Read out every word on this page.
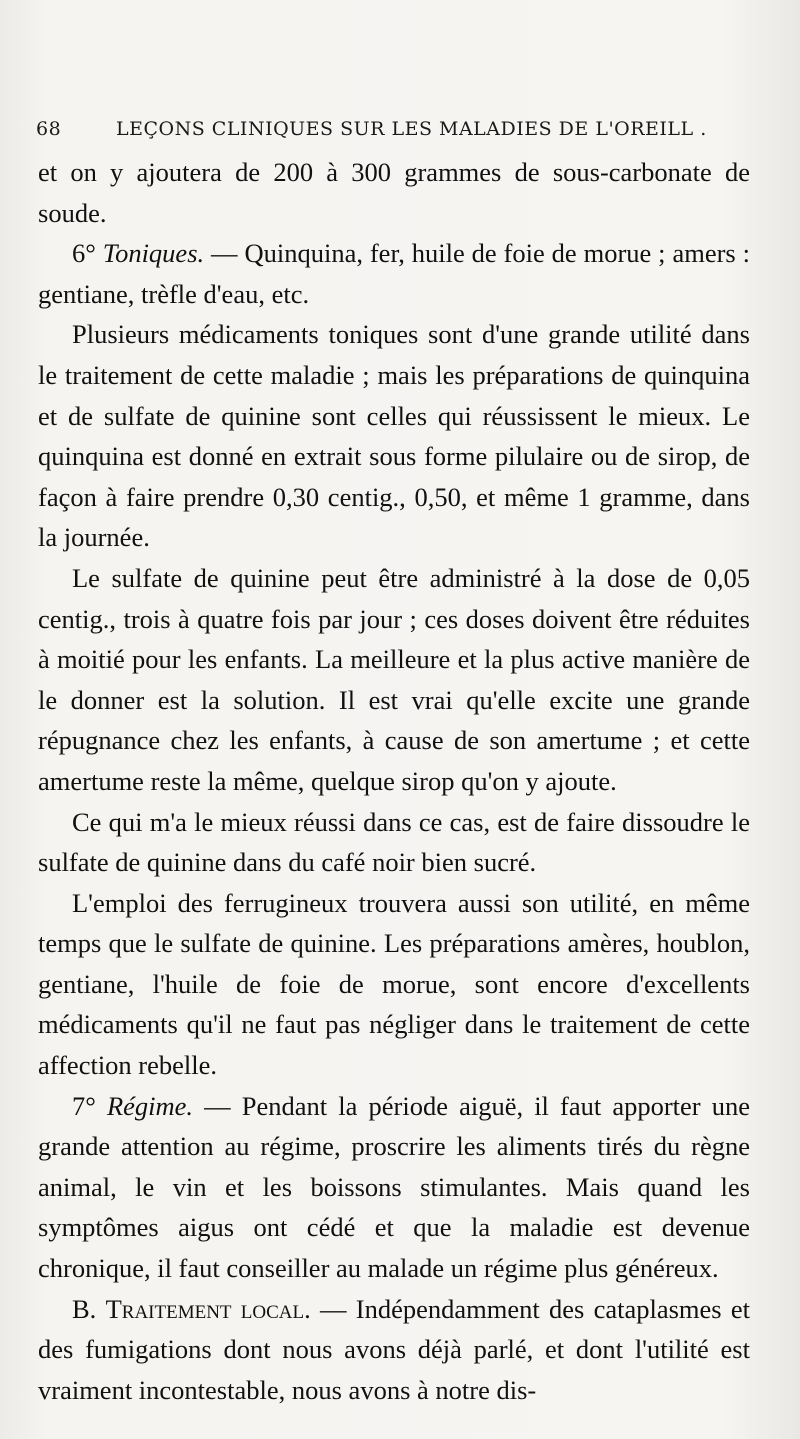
68	LEÇONS CLINIQUES SUR LES MALADIES DE L'OREILL .

et on y ajoutera de 200 à 300 grammes de sous-carbonate de soude.

6° Toniques. — Quinquina, fer, huile de foie de morue ; amers : gentiane, trèfle d'eau, etc.

Plusieurs médicaments toniques sont d'une grande utilité dans le traitement de cette maladie ; mais les préparations de quinquina et de sulfate de quinine sont celles qui réussissent le mieux. Le quinquina est donné en extrait sous forme pilulaire ou de sirop, de façon à faire prendre 0,30 centig., 0,50, et même 1 gramme, dans la journée.

Le sulfate de quinine peut être administré à la dose de 0,05 centig., trois à quatre fois par jour ; ces doses doivent être réduites à moitié pour les enfants. La meilleure et la plus active manière de le donner est la solution. Il est vrai qu'elle excite une grande répugnance chez les enfants, à cause de son amertume ; et cette amertume reste la même, quelque sirop qu'on y ajoute.

Ce qui m'a le mieux réussi dans ce cas, est de faire dissoudre le sulfate de quinine dans du café noir bien sucré.

L'emploi des ferrugineux trouvera aussi son utilité, en même temps que le sulfate de quinine. Les préparations amères, houblon, gentiane, l'huile de foie de morue, sont encore d'excellents médicaments qu'il ne faut pas négliger dans le traitement de cette affection rebelle.

7° Régime. — Pendant la période aiguë, il faut apporter une grande attention au régime, proscrire les aliments tirés du règne animal, le vin et les boissons stimulantes. Mais quand les symptômes aigus ont cédé et que la maladie est devenue chronique, il faut conseiller au malade un régime plus généreux.

B. Traitement local. — Indépendamment des cataplasmes et des fumigations dont nous avons déjà parlé, et dont l'utilité est vraiment incontestable, nous avons à notre dis-
